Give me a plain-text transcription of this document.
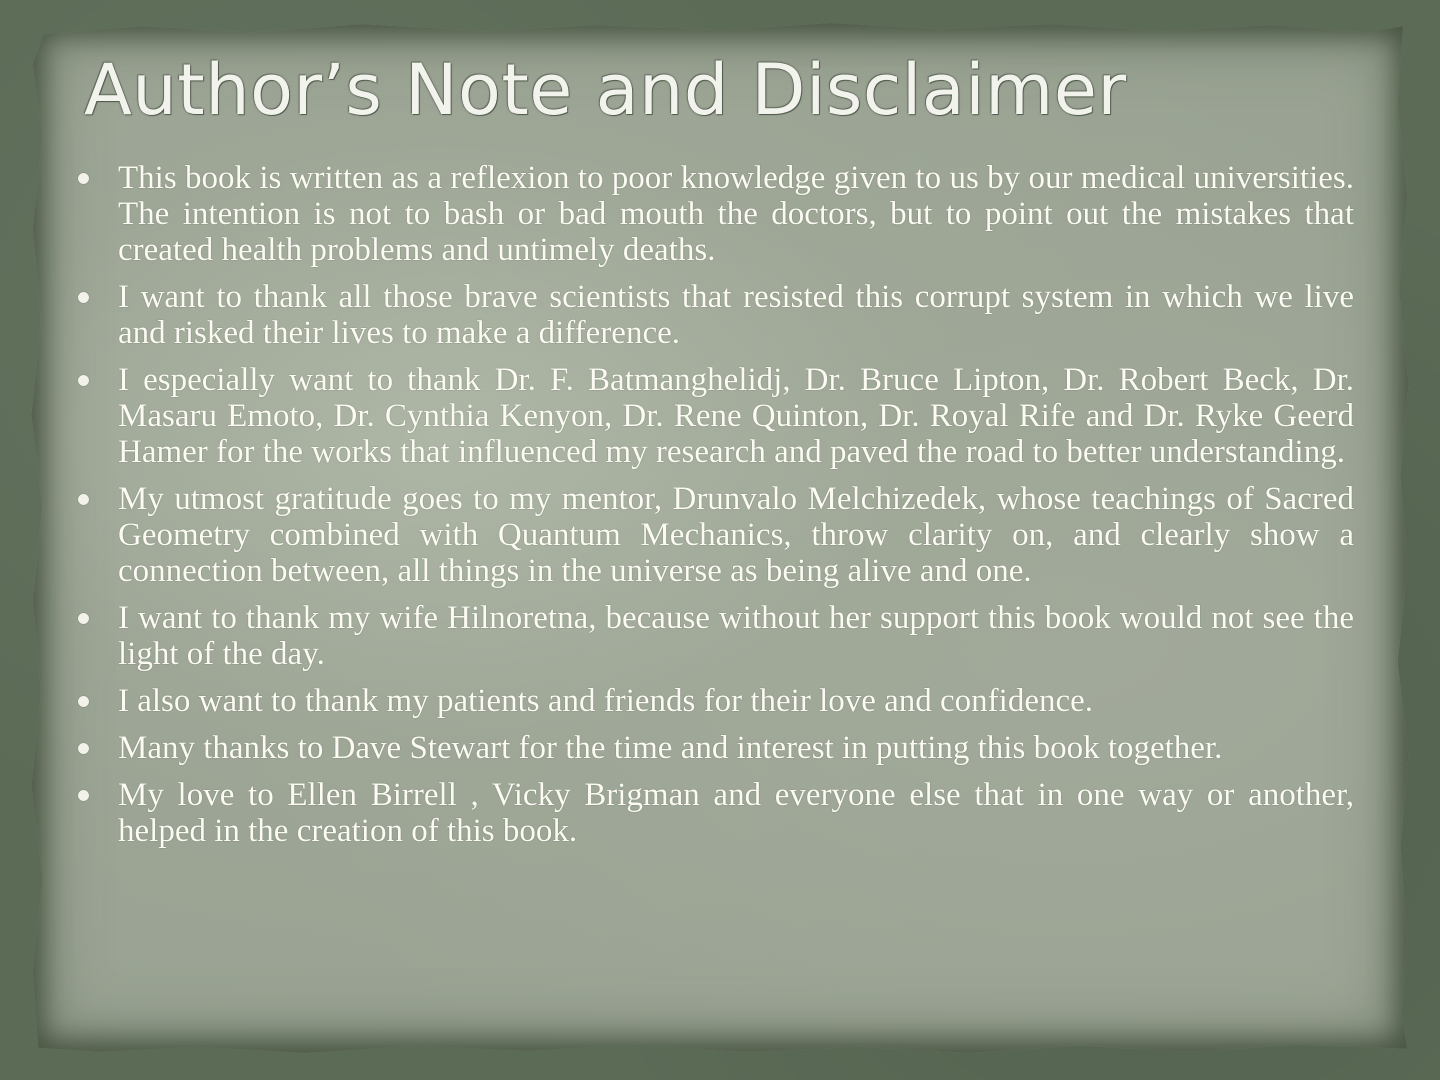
Author’s Note and Disclaimer
This book is written as a reflexion to poor knowledge given to us by our medical universities. The intention is not to bash or bad mouth the doctors, but to point out the mistakes that created health problems and untimely deaths.
I want to thank all those brave scientists that resisted this corrupt system in which we live and risked their lives to make a difference.
I especially want to thank Dr. F. Batmanghelidj, Dr. Bruce Lipton, Dr. Robert Beck, Dr. Masaru Emoto, Dr. Cynthia Kenyon, Dr. Rene Quinton, Dr. Royal Rife and Dr. Ryke Geerd Hamer for the works that influenced my research and paved the road to better understanding.
My utmost gratitude goes to my mentor, Drunvalo Melchizedek, whose teachings of Sacred Geometry combined with Quantum Mechanics, throw clarity on, and clearly show a connection between, all things in the universe as being alive and one.
I want to thank my wife Hilnoretna, because without her support this book would not see the light of the day.
I also want to thank my patients and friends for their love and confidence.
Many thanks to Dave Stewart for the time and interest in putting this book together.
My love to Ellen Birrell , Vicky Brigman and everyone else that in one way or another, helped in the creation of this book.
